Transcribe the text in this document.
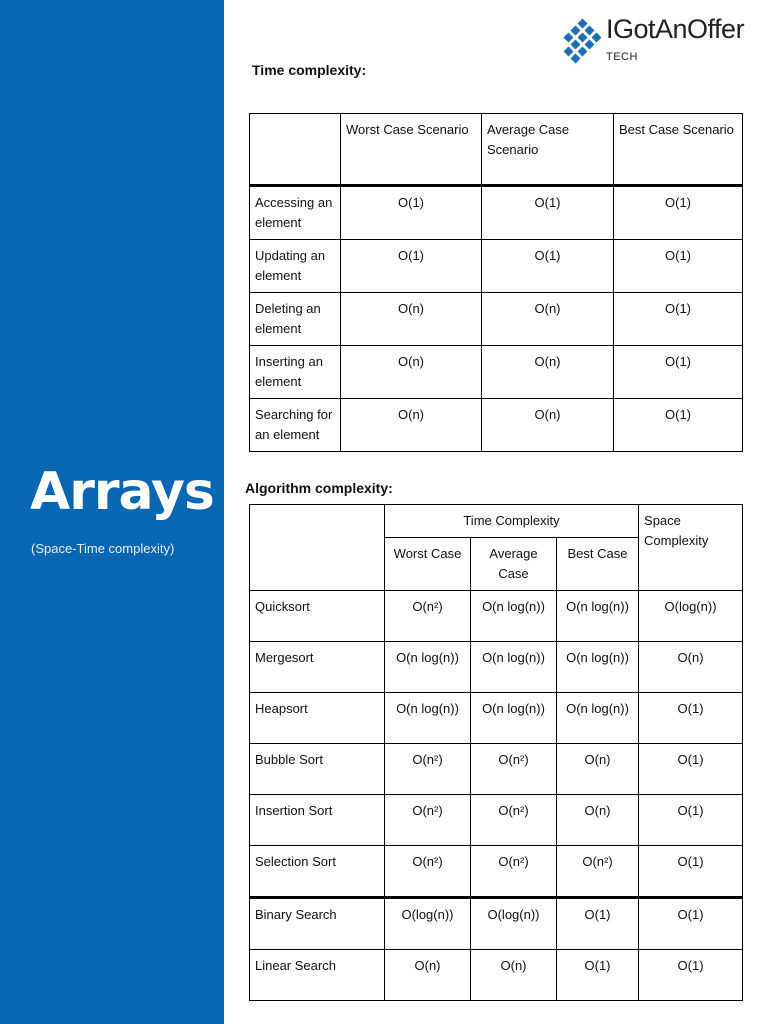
Arrays
(Space-Time complexity)
IGotAnOffer
TECH
Time complexity:
	Worst Case Scenario	Average Case Scenario	Best Case Scenario
Accessing an element	O(1)	O(1)	O(1)
Updating an element	O(1)	O(1)	O(1)
Deleting an element	O(n)	O(n)	O(1)
Inserting an element	O(n)	O(n)	O(1)
Searching for an element	O(n)	O(n)	O(1)
Algorithm complexity:
	Time Complexity			Space Complexity
	Worst Case	Average Case	Best Case	
Quicksort	O(n²)	O(n log(n))	O(n log(n))	O(log(n))
Mergesort	O(n log(n))	O(n log(n))	O(n log(n))	O(n)
Heapsort	O(n log(n))	O(n log(n))	O(n log(n))	O(1)
Bubble Sort	O(n²)	O(n²)	O(n)	O(1)
Insertion Sort	O(n²)	O(n²)	O(n)	O(1)
Selection Sort	O(n²)	O(n²)	O(n²)	O(1)
Binary Search	O(log(n))	O(log(n))	O(1)	O(1)
Linear Search	O(n)	O(n)	O(1)	O(1)
